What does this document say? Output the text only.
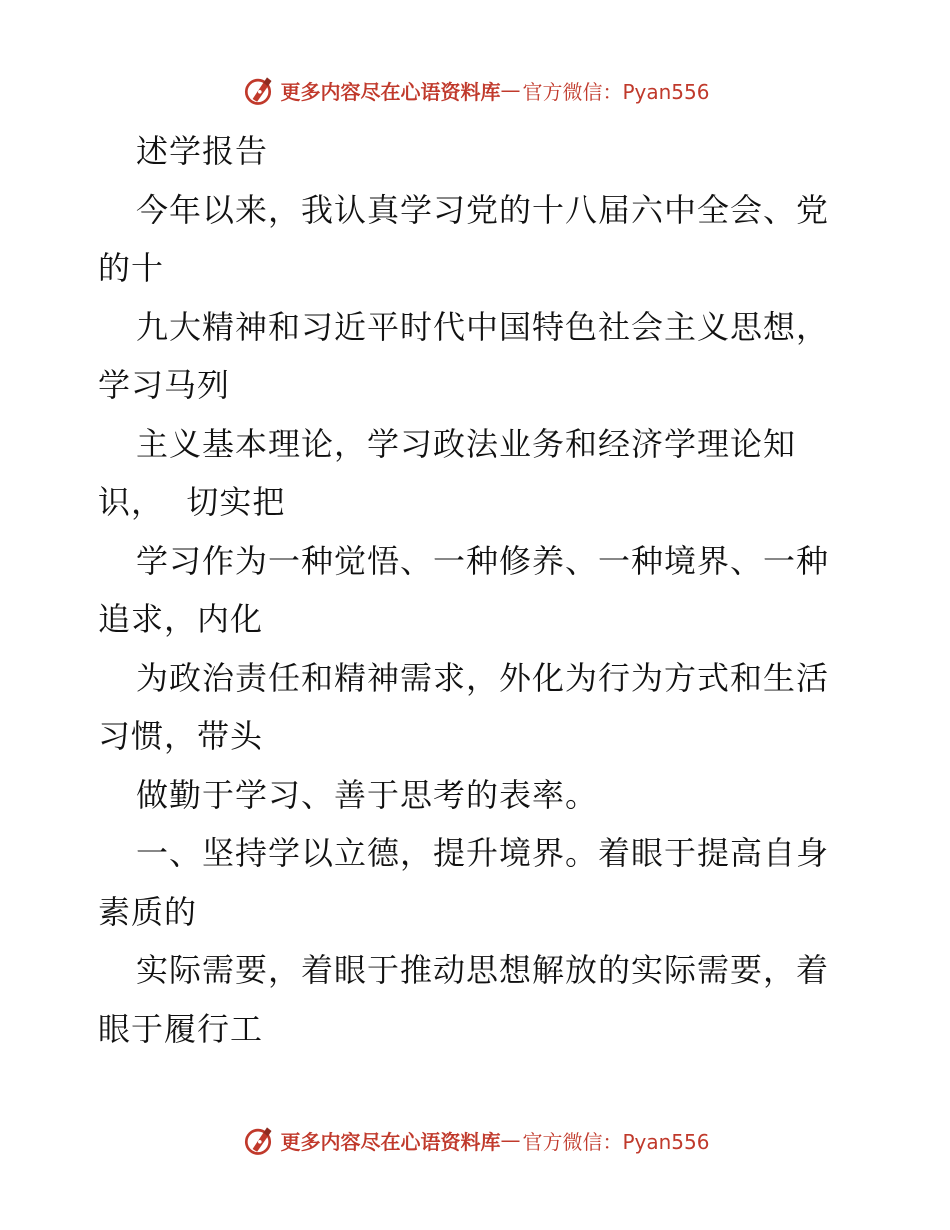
更多内容尽在心语资料库 — 官方微信：Pyan556
述学报告
今年以来，我认真学习党的十八届六中全会、党
的十
九大精神和习近平时代中国特色社会主义思想，
学习马列
主义基本理论，学习政法业务和经济学理论知
识，  切实把
学习作为一种觉悟、一种修养、一种境界、一种
追求，内化
为政治责任和精神需求，外化为行为方式和生活
习惯，带头
做勤于学习、善于思考的表率。
一、坚持学以立德，提升境界。着眼于提高自身
素质的
实际需要，着眼于推动思想解放的实际需要，着
眼于履行工
更多内容尽在心语资料库 — 官方微信：Pyan556
